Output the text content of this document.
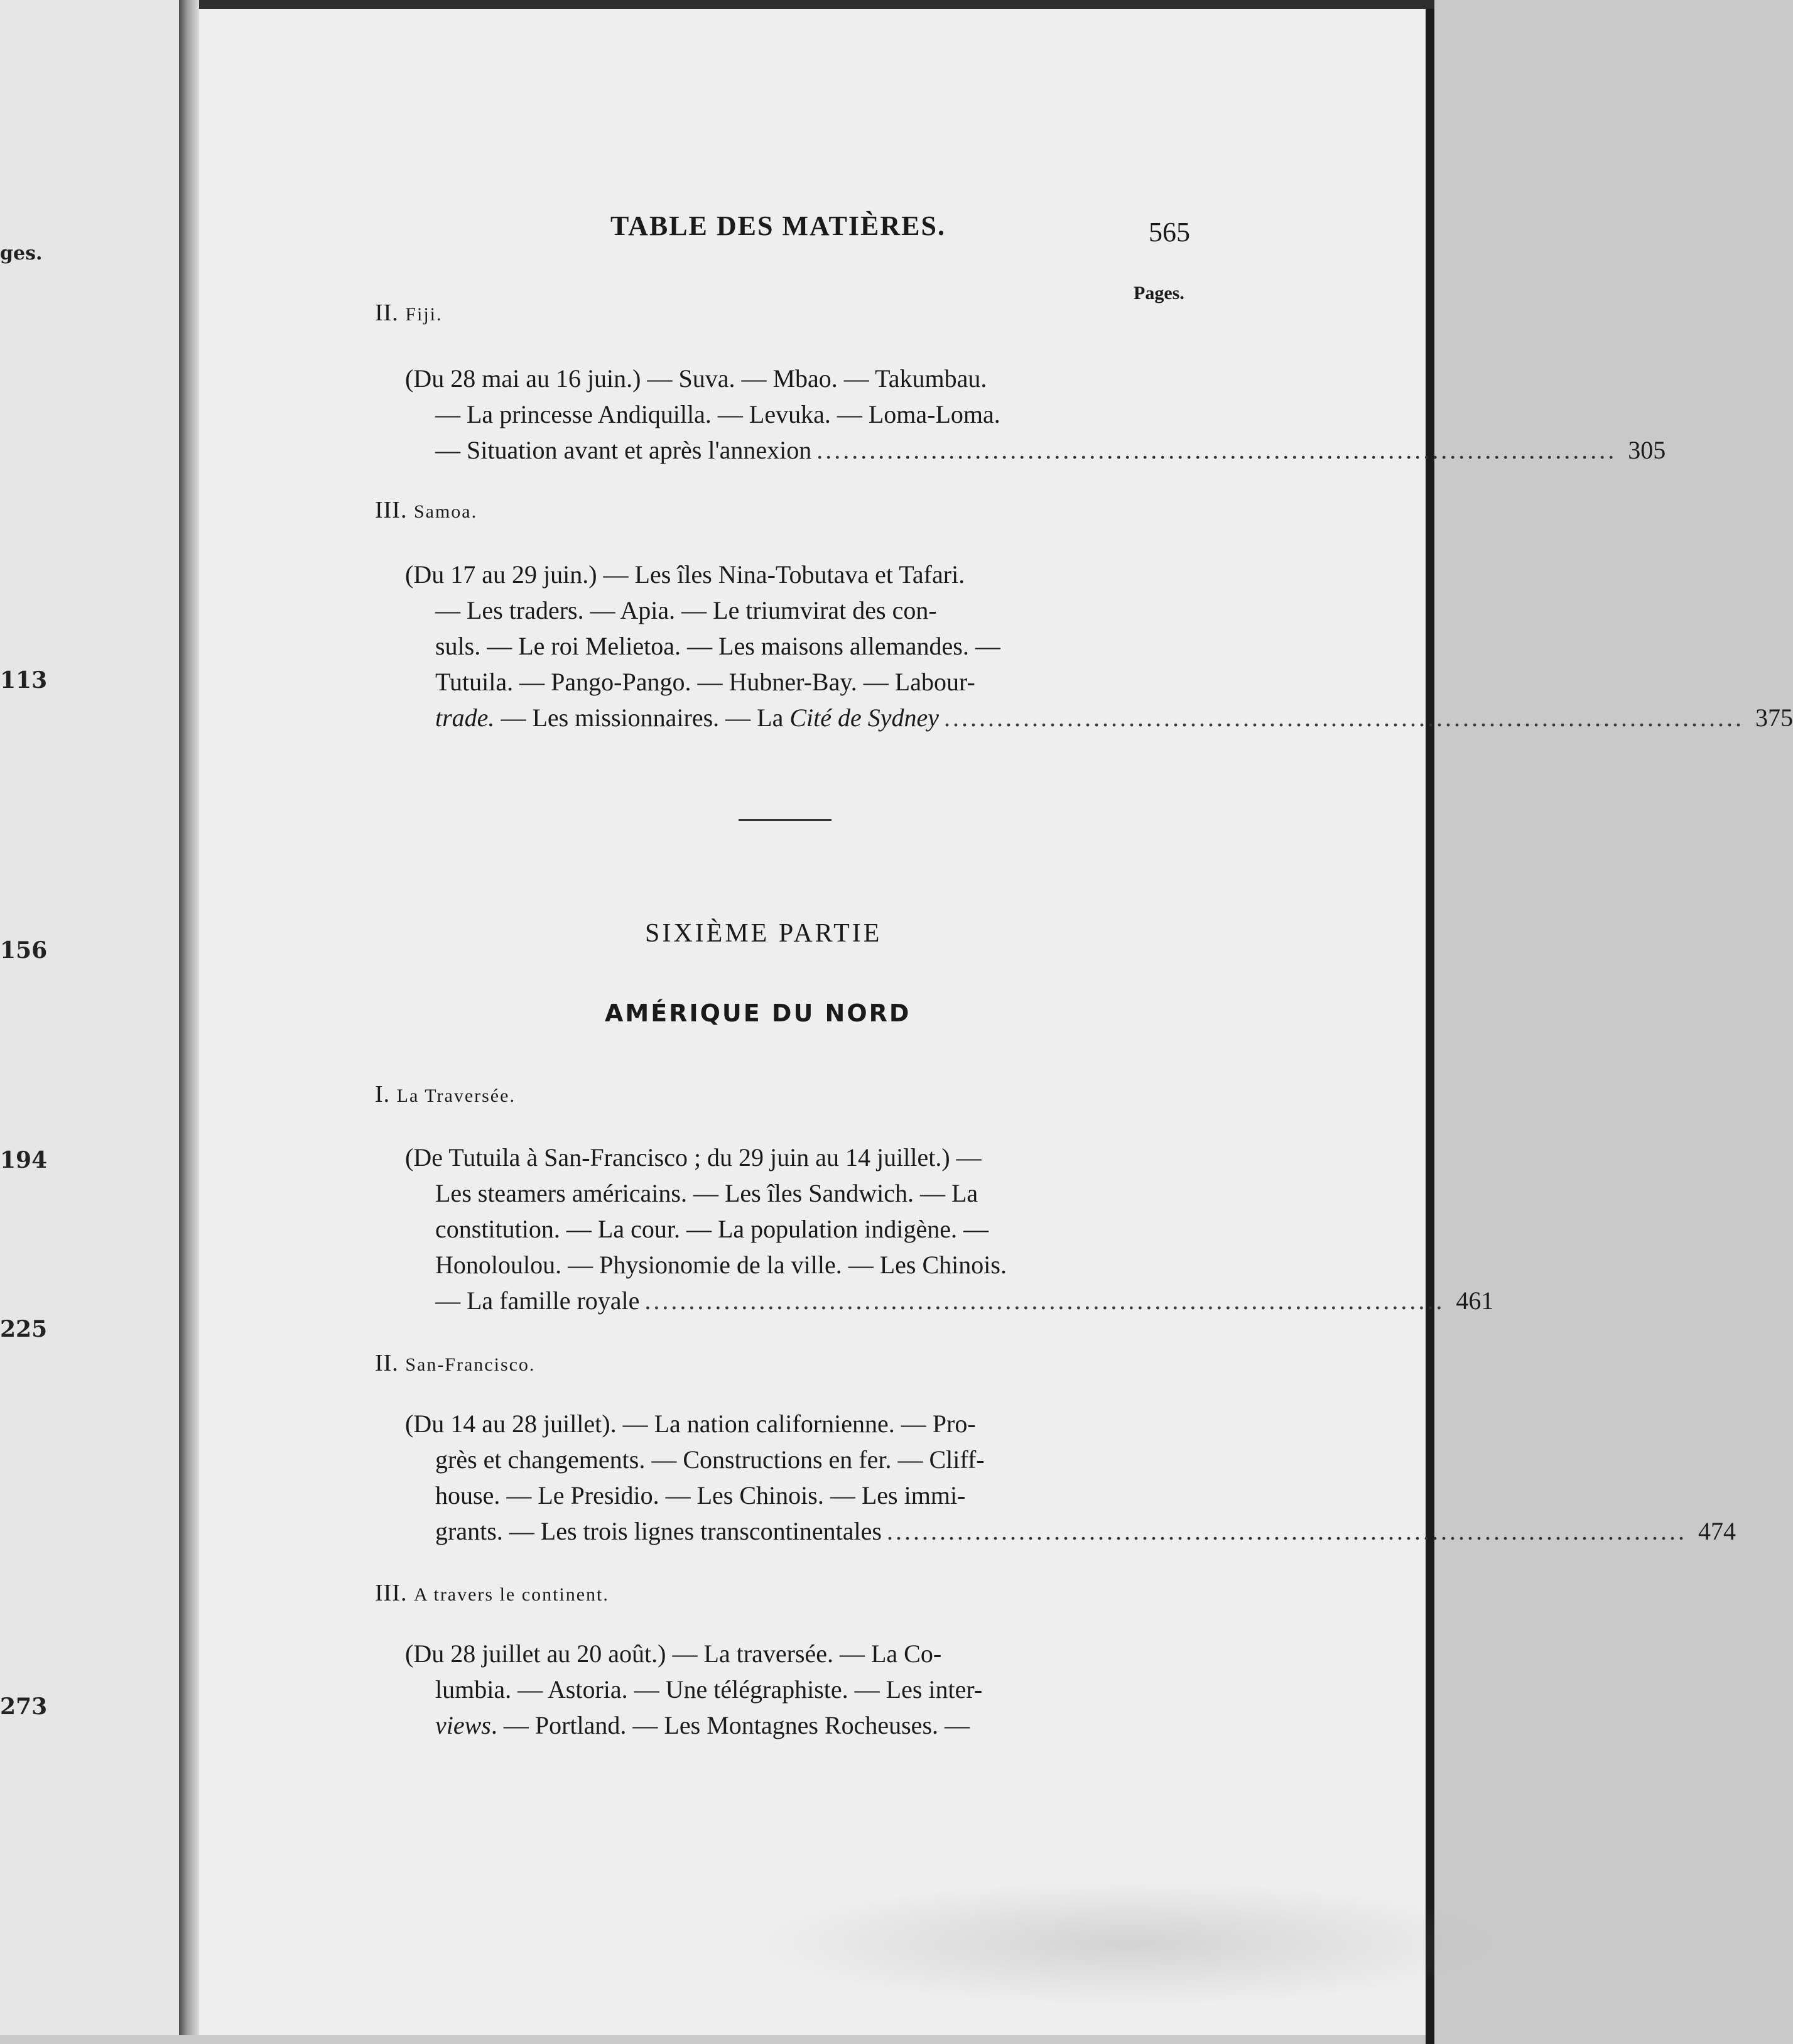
ges.
113
156
194
225
273
TABLE DES MATIÈRES.	565
Pages.
II. Fiji.
(Du 28 mai au 16 juin.) — Suva. — Mbao. — Takumbau.
— La princesse Andiquilla. — Levuka. — Loma-Loma.
— Situation avant et après l'annexion ........................................................................................... 305
III. Samoa.
(Du 17 au 29 juin.) — Les îles Nina-Tobutava et Tafari.
— Les traders. — Apia. — Le triumvirat des con-
suls. — Le roi Melietoa. — Les maisons allemandes. —
Tutuila. — Pango-Pango. — Hubner-Bay. — Labour-
trade. — Les missionnaires. — La Cité de Sydney ........................................................................................... 375
SIXIÈME PARTIE
AMÉRIQUE DU NORD
I. La Traversée.
(De Tutuila à San-Francisco ; du 29 juin au 14 juillet.) —
Les steamers américains. — Les îles Sandwich. — La
constitution. — La cour. — La population indigène. —
Honoloulou. — Physionomie de la ville. — Les Chinois.
— La famille royale ........................................................................................... 461
II. San-Francisco.
(Du 14 au 28 juillet). — La nation californienne. — Pro-
grès et changements. — Constructions en fer. — Cliff-
house. — Le Presidio. — Les Chinois. — Les immi-
grants. — Les trois lignes transcontinentales ........................................................................................... 474
III. A travers le continent.
(Du 28 juillet au 20 août.) — La traversée. — La Co-
lumbia. — Astoria. — Une télégraphiste. — Les inter-
views. — Portland. — Les Montagnes Rocheuses. —
